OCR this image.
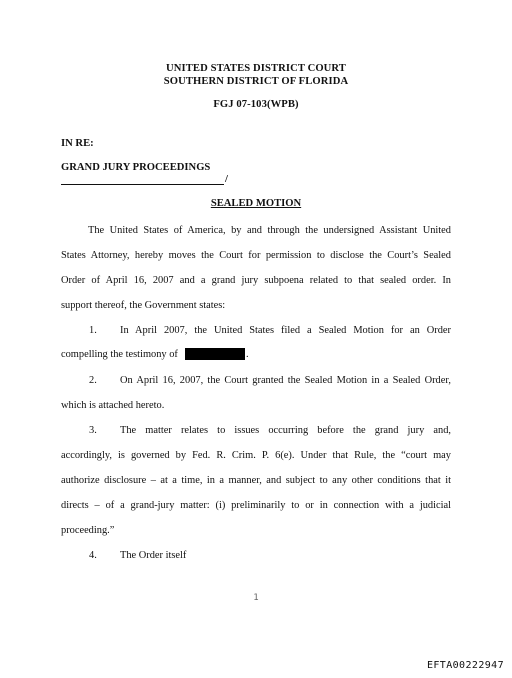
UNITED STATES DISTRICT COURT
SOUTHERN DISTRICT OF FLORIDA
FGJ 07-103(WPB)
IN RE:
GRAND JURY PROCEEDINGS
/
SEALED MOTION
The United States of America, by and through the undersigned Assistant United
States Attorney, hereby moves the Court for permission to disclose the Court’s Sealed
Order of April 16, 2007 and a grand jury subpoena related to that sealed order. In
support thereof, the Government states:
1. In April 2007, the United States filed a Sealed Motion for an Order
compelling the testimony of	.
2. On April 16, 2007, the Court granted the Sealed Motion in a Sealed Order,
which is attached hereto.
3. The matter relates to issues occurring before the grand jury and,
accordingly, is governed by Fed. R. Crim. P. 6(e). Under that Rule, the “court may
authorize disclosure – at a time, in a manner, and subject to any other conditions that it
directs – of a grand-jury matter: (i) preliminarily to or in connection with a judicial
proceeding.”
4. The Order itself
1
EFTA00222947
